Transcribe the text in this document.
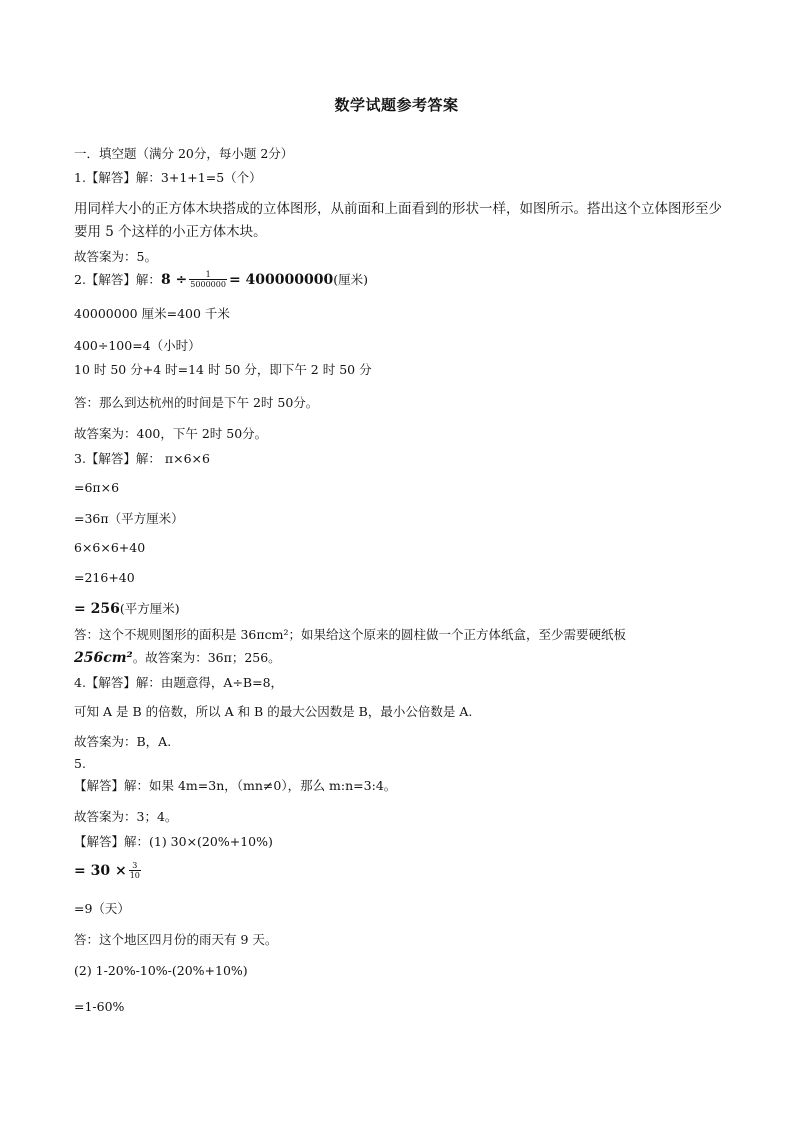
数学试题参考答案
一．填空题（满分 20分，每小题 2分）
1.【解答】解：3+1+1=5（个）
用同样大小的正方体木块搭成的立体图形，从前面和上面看到的形状一样，如图所示。搭出这个立体图形至少要用 5 个这样的小正方体木块。
故答案为：5。
2.【解答】解： $8 \div \frac{1}{5000000} = 400000000$ (厘米)
40000000 厘米=400 千米
400÷100=4（小时）
10 时 50 分+4 时=14 时 50 分，即下午 2 时 50 分
答：那么到达杭州的时间是下午 2时 50分。
故答案为：400，下午 2时 50分。
3.【解答】解： π×6×6
=6π×6
=36π（平方厘米）
6×6×6+40
=216+40
= 256(平方厘米)
答：这个不规则图形的面积是 36πcm²；如果给这个原来的圆柱做一个正方体纸盒，至少需要硬纸板
256cm²。故答案为：36π；256。
4.【解答】解：由题意得，A÷B=8，
可知 A 是 B 的倍数，所以 A 和 B 的最大公因数是 B，最小公倍数是 A.
故答案为：B，A.
5.
【解答】解：如果 4m=3n，（mn≠0），那么 m:n=3:4。
故答案为：3；4。
【解答】解：(1) 30×(20%+10%)
= $30 \times \frac{3}{10}$
=9（天）
答：这个地区四月份的雨天有 9 天。
(2) 1-20%-10%-(20%+10%)
=1-60%
